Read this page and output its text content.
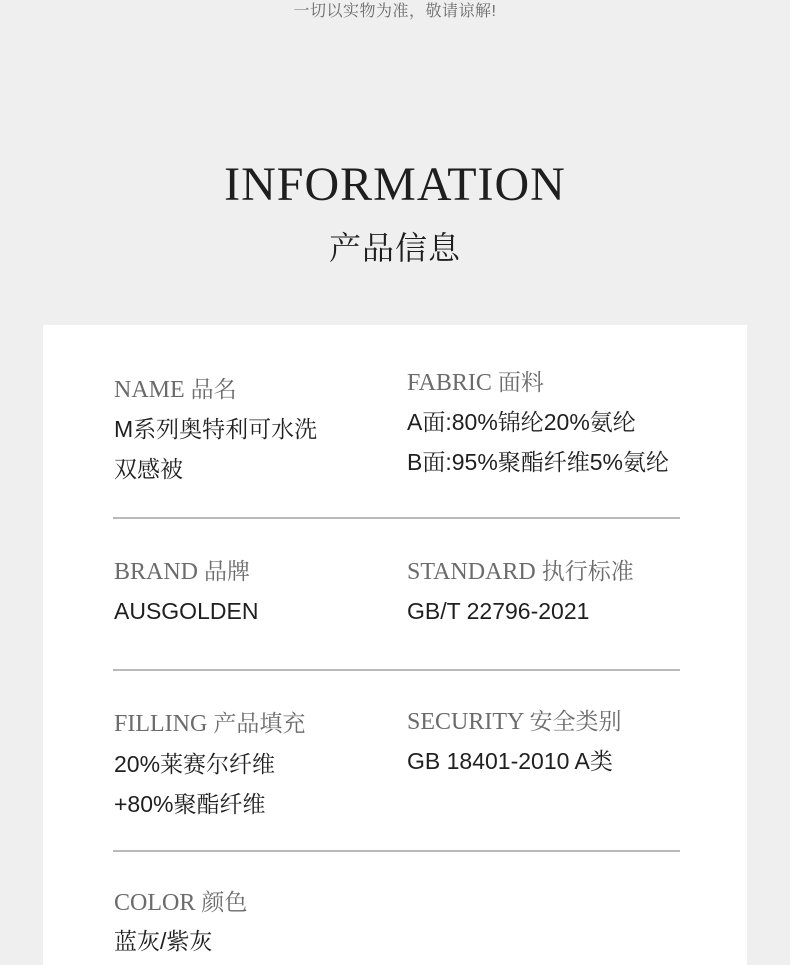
一切以实物为准，敬请谅解!
INFORMATION
产品信息
NAME 品名
M系列奥特利可水洗
双感被
FABRIC 面料
A面:80%锦纶20%氨纶
B面:95%聚酯纤维5%氨纶
BRAND 品牌
AUSGOLDEN
STANDARD 执行标准
GB/T 22796-2021
FILLING 产品填充
20%莱赛尔纤维
+80%聚酯纤维
SECURITY 安全类别
GB 18401-2010 A类
COLOR 颜色
蓝灰/紫灰
